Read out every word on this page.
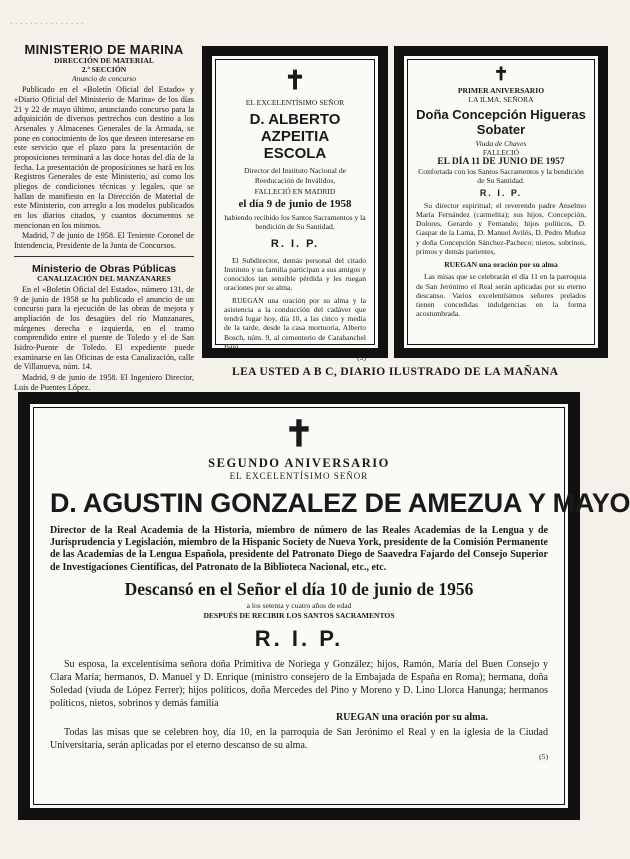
· · · · · · · · · · · · · · ·
MINISTERIO DE MARINA
DIRECCIÓN DE MATERIAL
2.ª SECCIÓN
Anuncio de concurso

Publicado en el «Boletín Oficial del Estado» y «Diario Oficial del Ministerio de Marina» de los días 21 y 22 de mayo último, anunciando concurso para la adquisición de diversos pertrechos con destino a los Arsenales y Almacenes Generales de la Armada, se pone en conocimiento de los que deseen interesarse en este servicio que el plazo para la presentación de proposiciones terminará a las doce horas del día de la fecha. La presentación de proposiciones se hará en los Registros Generales de este Ministerio, así como los pliegos de condiciones técnicas y legales, que se hallan de manifiesto en la Dirección de Material de este Ministerio, con arreglo a los modelos publicados en los diarios citados, y cuantos documentos se mencionan en los mismos.

Madrid, 7 de junio de 1958. El Teniente Coronel de Intendencia, Presidente de la Junta de Concursos.

Ministerio de Obras Públicas
CANALIZACIÓN DEL MANZANARES

En el «Boletín Oficial del Estado», número 131, de 9 de junio de 1958 se ha publicado el anuncio de un concurso para la ejecución de las obras de mejora y ampliación de los desagües del río Manzanares, márgenes derecha e izquierda, en el tramo comprendido entre el puente de Toledo y el de San Isidro-Puente de Toledo. El expediente puede examinarse en las Oficinas de esta Canalización, calle de Villanueva, núm. 14.

Madrid, 9 de junio de 1958. El Ingeniero Director, Luis de Puentes López.

✝
EL EXCELENTÍSIMO SEÑOR
D. ALBERTO AZPEITIA
ESCOLA
Director del Instituto Nacional de Reeducación de Inválidos,
FALLECIÓ EN MADRID
el día 9 de junio de 1958
habiendo recibido los Santos Sacramentos y la bendición de Su Santidad.
R. I. P.
El Subdirector, demás personal del citado Instituto y su familia participan a sus amigos y conocidos tan sensible pérdida y les ruegan oraciones por su alma.
RUEGAN una oración por su alma y la asistencia a la conducción del cadáver que tendrá lugar hoy, día 10, a las cinco y media de la tarde, desde la casa mortuoria, Alberto Bosch, núm. 9, al cementerio de Carabanchel Bajo.
(3)
✝
PRIMER ANIVERSARIO
LA ILMA. SEÑORA
Doña Concepción Higueras
Sobater
Viuda de Chaves
FALLECIÓ
EL DÍA 11 DE JUNIO DE 1957
Confortada con los Santos Sacramentos y la bendición de Su Santidad.
R. I. P.
Su director espiritual; el reverendo padre Anselmo María Fernández (carmelita); sus hijos, Concepción, Dolores, Gerardo y Fernando; hijos políticos, D. Gaspar de la Lama, D. Manuel Avilés, D. Pedro Muñoz y doña Concepción Sánchez-Pacheco; nietos, sobrinos, primos y demás parientes,
RUEGAN una oración por su alma
Las misas que se celebrarán el día 11 en la parroquia de San Jerónimo el Real serán aplicadas por su eterno descanso. Varios excelentísimos señores prelados tienen concedidas indulgencias en la forma acostumbrada.
LEA USTED A B C, DIARIO ILUSTRADO DE LA MAÑANA
✝
SEGUNDO ANIVERSARIO
EL EXCELENTÍSIMO SEÑOR
D. AGUSTIN GONZALEZ DE AMEZUA Y MAYO
Director de la Real Academia de la Historia, miembro de número de las Reales Academias de la Lengua y de Jurisprudencia y Legislación, miembro de la Hispanic Society de Nueva York, presidente de la Comisión Permanente de las Academias de la Lengua Española, presidente del Patronato Diego de Saavedra Fajardo del Consejo Superior de Investigaciones Científicas, del Patronato de la Biblioteca Nacional, etc., etc.
Descansó en el Señor el día 10 de junio de 1956
a los setenta y cuatro años de edad
DESPUÉS DE RECIBIR LOS SANTOS SACRAMENTOS
R. I. P.
Su esposa, la excelentísima señora doña Primitiva de Noriega y González; hijos, Ramón, María del Buen Consejo y Clara María; hermanos, D. Manuel y D. Enrique (ministro consejero de la Embajada de España en Roma); hermana, doña Soledad (viuda de López Ferrer); hijos políticos, doña Mercedes del Pino y Moreno y D. Lino Llorca Hanunga; hermanos políticos, nietos, sobrinos y demás familia
RUEGAN una oración por su alma.
Todas las misas que se celebren hoy, día 10, en la parroquia de San Jerónimo el Real y en la iglesia de la Ciudad Universitaria, serán aplicadas por el eterno descanso de su alma.
(5)
